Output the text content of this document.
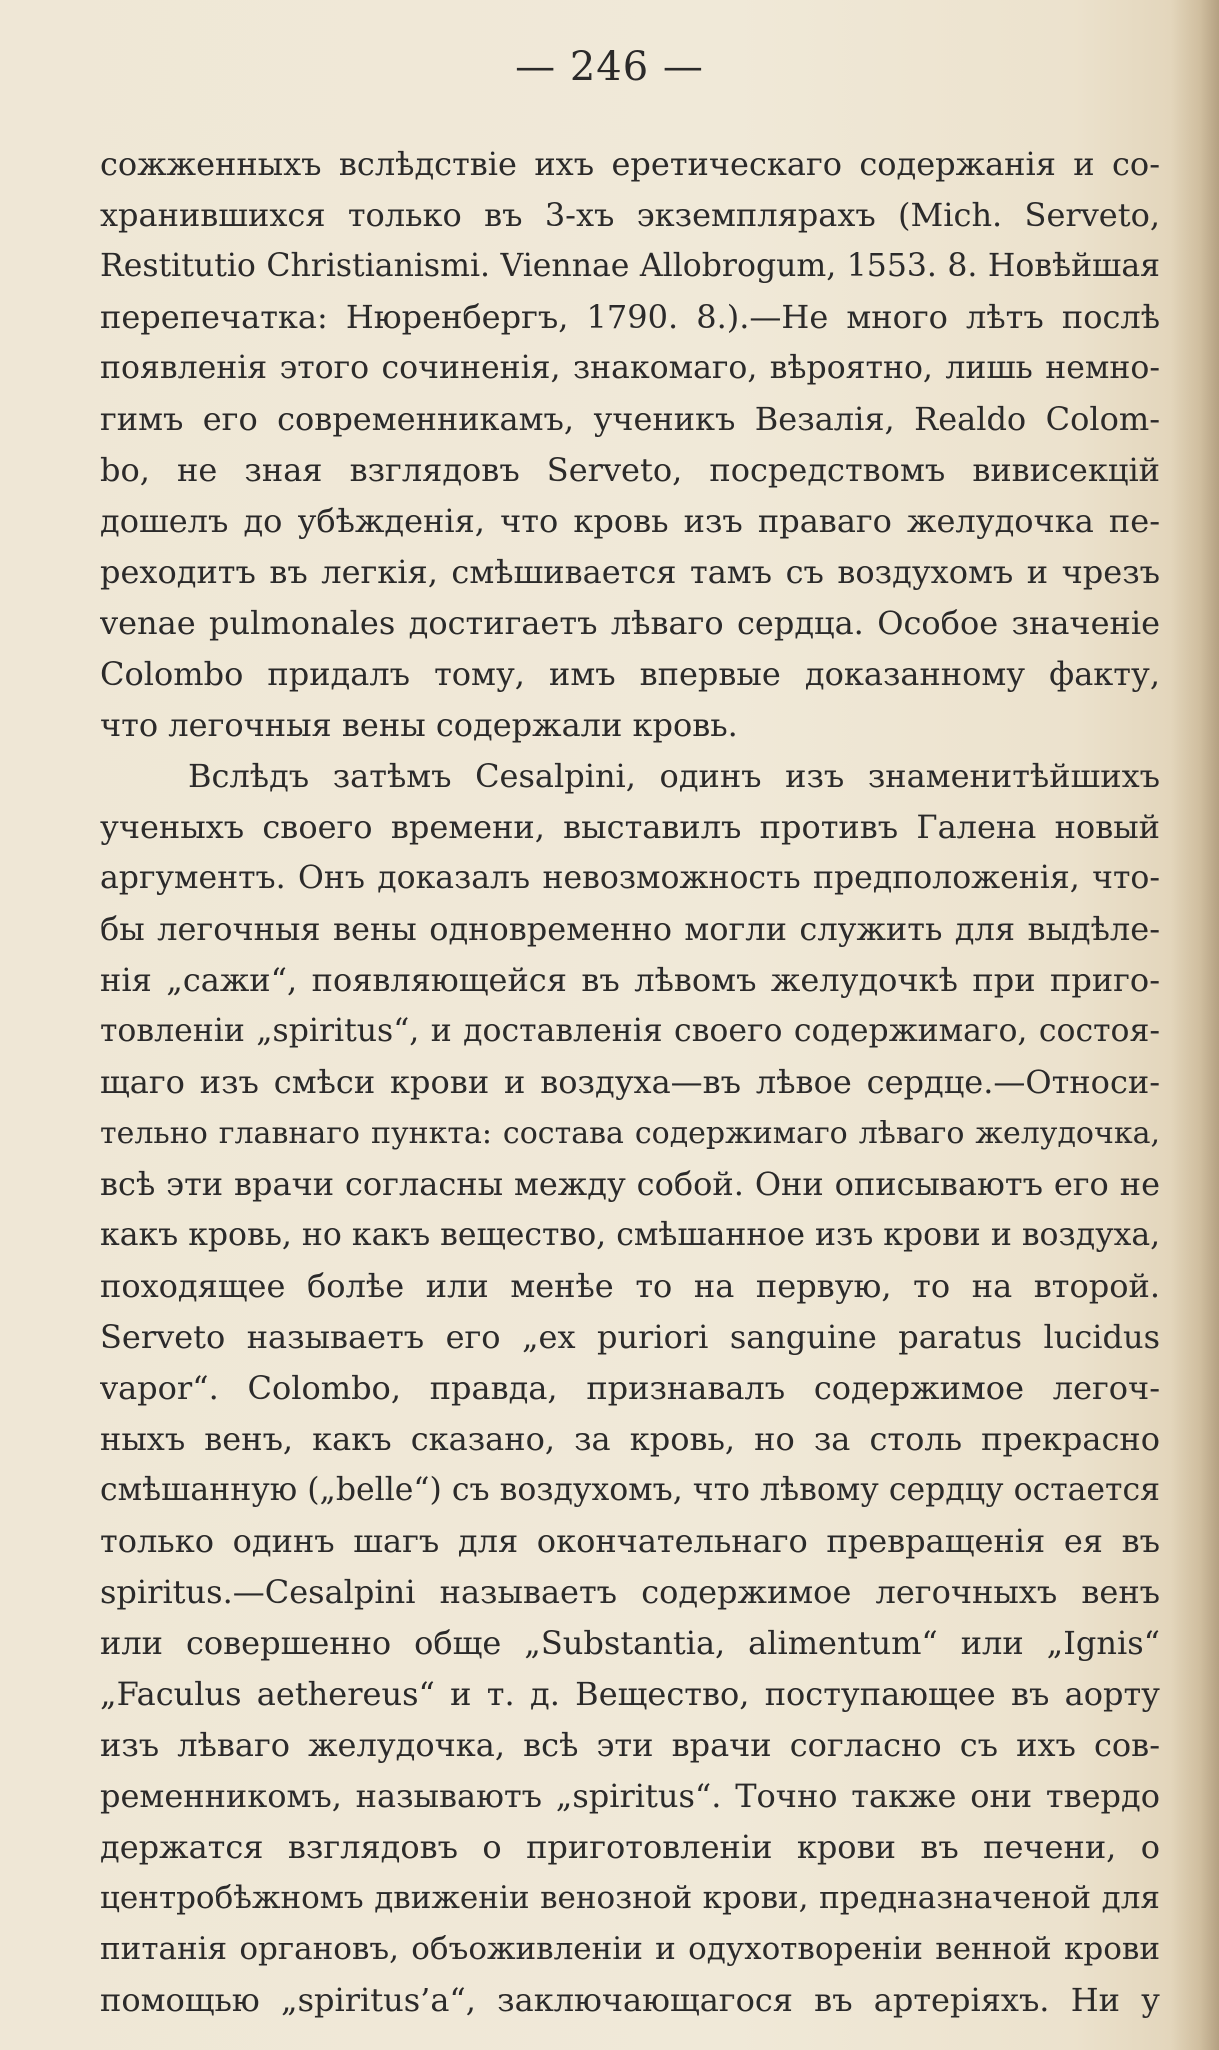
— 246 —
сожженныхъ вслѣдствіе ихъ еретическаго содержанія и со-
хранившихся только въ 3-хъ экземплярахъ (Mich. Serveto,
Restitutio Christianismi. Viennae Allobrogum, 1553. 8. Новѣйшая
перепечатка: Нюренбергъ, 1790. 8.).—Не много лѣтъ послѣ
появленія этого сочиненія, знакомаго, вѣроятно, лишь немно-
гимъ его современникамъ, ученикъ Везалія, Realdo Colom-
bo, не зная взглядовъ Serveto, посредствомъ вивисекцій
дошелъ до убѣжденія, что кровь изъ праваго желудочка пе-
реходитъ въ легкія, смѣшивается тамъ съ воздухомъ и чрезъ
venae pulmonales достигаетъ лѣваго сердца. Особое значеніе
Colombo придалъ тому, имъ впервые доказанному факту,
что легочныя вены содержали кровь.
Вслѣдъ затѣмъ Cesalpini, одинъ изъ знаменитѣйшихъ
ученыхъ своего времени, выставилъ противъ Галена новый
аргументъ. Онъ доказалъ невозможность предположенія, что-
бы легочныя вены одновременно могли служить для выдѣле-
нія „сажи“, появляющейся въ лѣвомъ желудочкѣ при приго-
товленіи „spiritus“, и доставленія своего содержимаго, состоя-
щаго изъ смѣси крови и воздуха—въ лѣвое сердце.—Относи-
тельно главнаго пункта: состава содержимаго лѣваго желудочка,
всѣ эти врачи согласны между собой. Они описываютъ его не
какъ кровь, но какъ вещество, смѣшанное изъ крови и воздуха,
походящее болѣе или менѣе то на первую, то на второй.
Serveto называетъ его „ex puriori sanguine paratus lucidus
vapor“. Colombo, правда, признавалъ содержимое легоч-
ныхъ венъ, какъ сказано, за кровь, но за столь прекрасно
смѣшанную („belle“) съ воздухомъ, что лѣвому сердцу остается
только одинъ шагъ для окончательнаго превращенія ея въ
spiritus.—Cesalpini называетъ содержимое легочныхъ венъ
или совершенно обще „Substantia, alimentum“ или „Ignis“
„Faculus aethereus“ и т. д. Вещество, поступающее въ аорту
изъ лѣваго желудочка, всѣ эти врачи согласно съ ихъ сов-
ременникомъ, называютъ „spiritus“. Точно также они твердо
держатся взглядовъ о приготовленіи крови въ печени, о
центробѣжномъ движеніи венозной крови, предназначеной для
питанія органовъ, объоживленіи и одухотвореніи венной крови
помощью „spiritus’a“, заключающагося въ артеріяхъ. Ни у
